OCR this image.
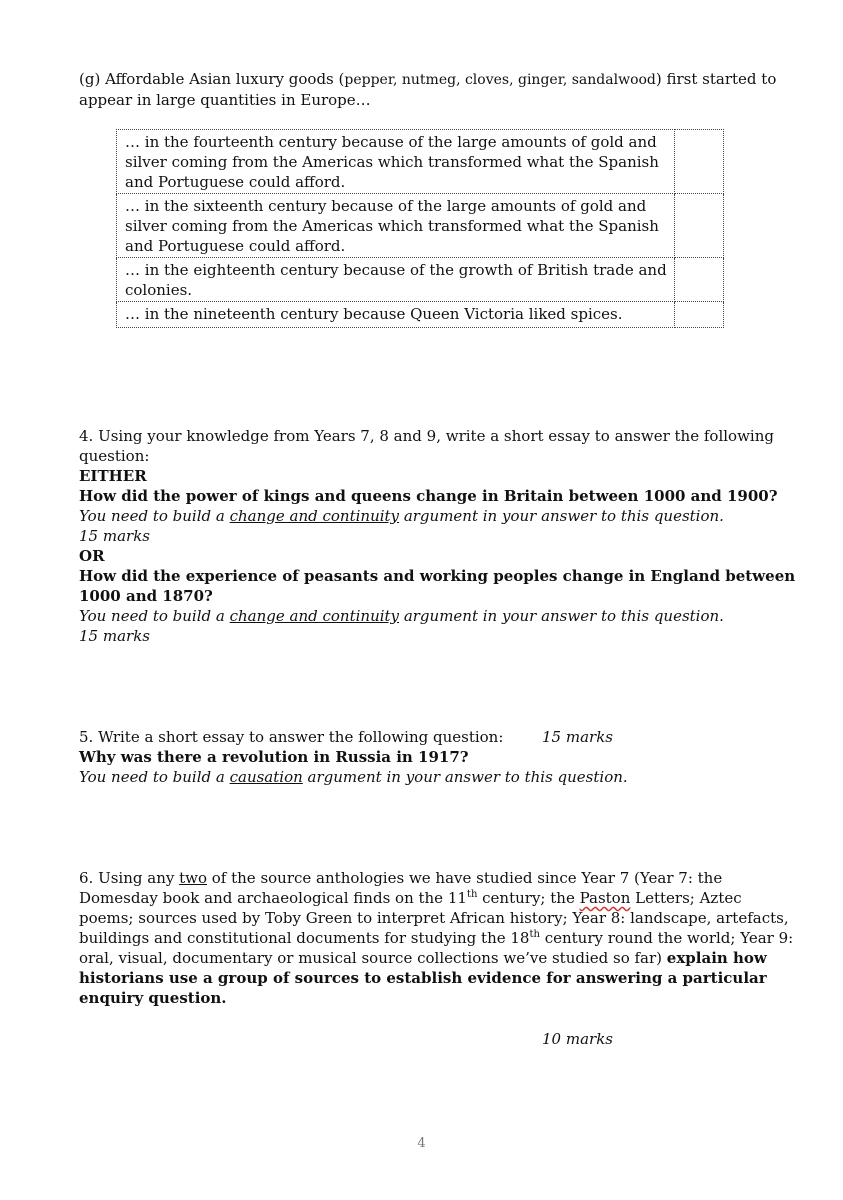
(g) Affordable Asian luxury goods (pepper, nutmeg, cloves, ginger, sandalwood) first started to
appear in large quantities in Europe…
… in the fourteenth century because of the large amounts of gold and
silver coming from the Americas which transformed what the Spanish
and Portuguese could afford.	

… in the sixteenth century because of the large amounts of gold and
silver coming from the Americas which transformed what the Spanish
and Portuguese could afford.	

… in the eighteenth century because of the growth of British trade and
colonies.	

… in the nineteenth century because Queen Victoria liked spices.	

4. Using your knowledge from Years 7, 8 and 9, write a short essay to answer the following
question:
EITHER
How did the power of kings and queens change in Britain between 1000 and 1900?
You need to build a change and continuity argument in your answer to this question.
15 marks
OR
How did the experience of peasants and working peoples change in England between
1000 and 1870?
You need to build a change and continuity argument in your answer to this question.
15 marks
5. Write a short essay to answer the following question:
Why was there a revolution in Russia in 1917?
You need to build a causation argument in your answer to this question.
15 marks
6. Using any two of the source anthologies we have studied since Year 7 (Year 7: the
Domesday book and archaeological finds on the 11th century; the Paston Letters; Aztec
poems; sources used by Toby Green to interpret African history; Year 8: landscape, artefacts,
buildings and constitutional documents for studying the 18th century round the world; Year 9:
oral, visual, documentary or musical source collections we’ve studied so far) explain how
historians use a group of sources to establish evidence for answering a particular
enquiry question.
10 marks
4
